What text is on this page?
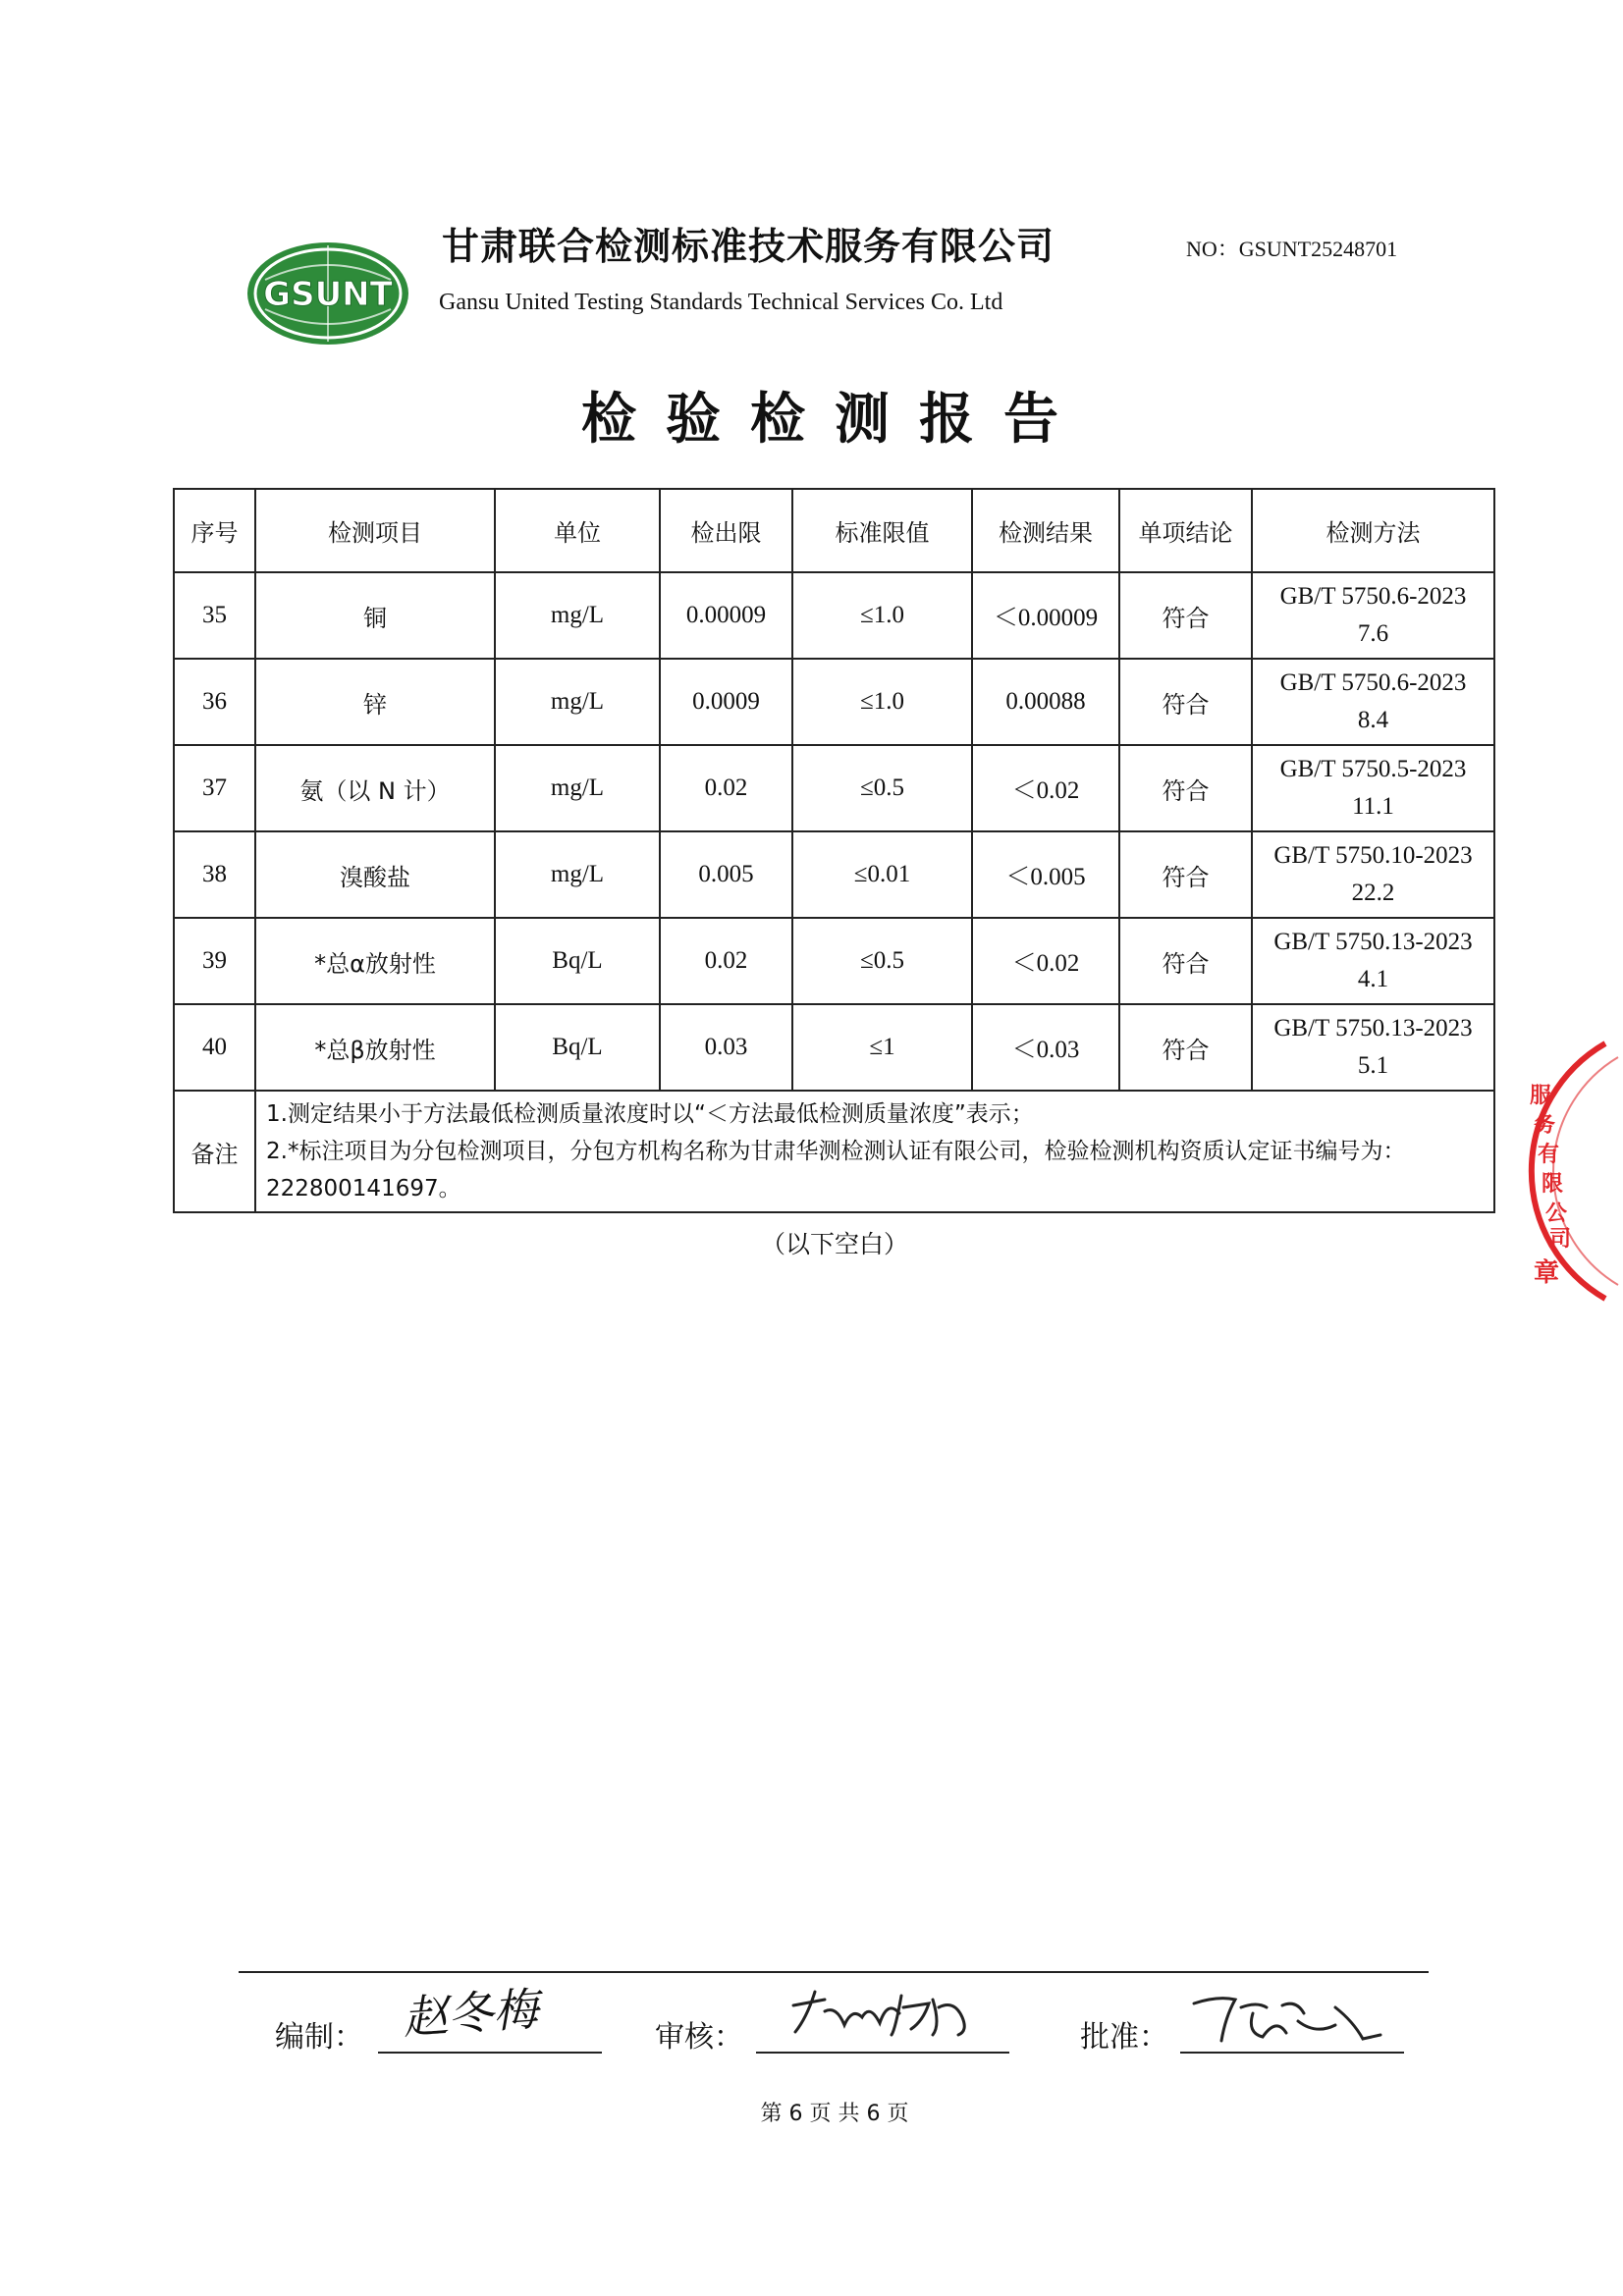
GSUNT
甘肃联合检测标准技术服务有限公司
Gansu United Testing Standards Technical Services Co. Ltd
NO：GSUNT25248701
检验检测报告
序号	检测项目	单位	检出限	标准限值	检测结果	单项结论	检测方法
35	铜	mg/L	0.00009	≤1.0	＜0.00009	符合	GB/T 5750.6-2023
7.6

36	锌	mg/L	0.0009	≤1.0	0.00088	符合	GB/T 5750.6-2023
8.4

37	氨（以 N 计）	mg/L	0.02	≤0.5	＜0.02	符合	GB/T 5750.5-2023
11.1

38	溴酸盐	mg/L	0.005	≤0.01	＜0.005	符合	GB/T 5750.10-2023
22.2

39	*总α放射性	Bq/L	0.02	≤0.5	＜0.02	符合	GB/T 5750.13-2023
4.1

40	*总β放射性	Bq/L	0.03	≤1	＜0.03	符合	GB/T 5750.13-2023
5.1

备注	1.测定结果小于方法最低检测质量浓度时以“＜方法最低检测质量浓度”表示；
2.*标注项目为分包检测项目，分包方机构名称为甘肃华测检测认证有限公司，检验检测机构资质认定证书编号为：222800141697。						
（以下空白）
服务有限公司
章
编制： 赵冬梅	审核：	批准：
第 6 页 共 6 页
